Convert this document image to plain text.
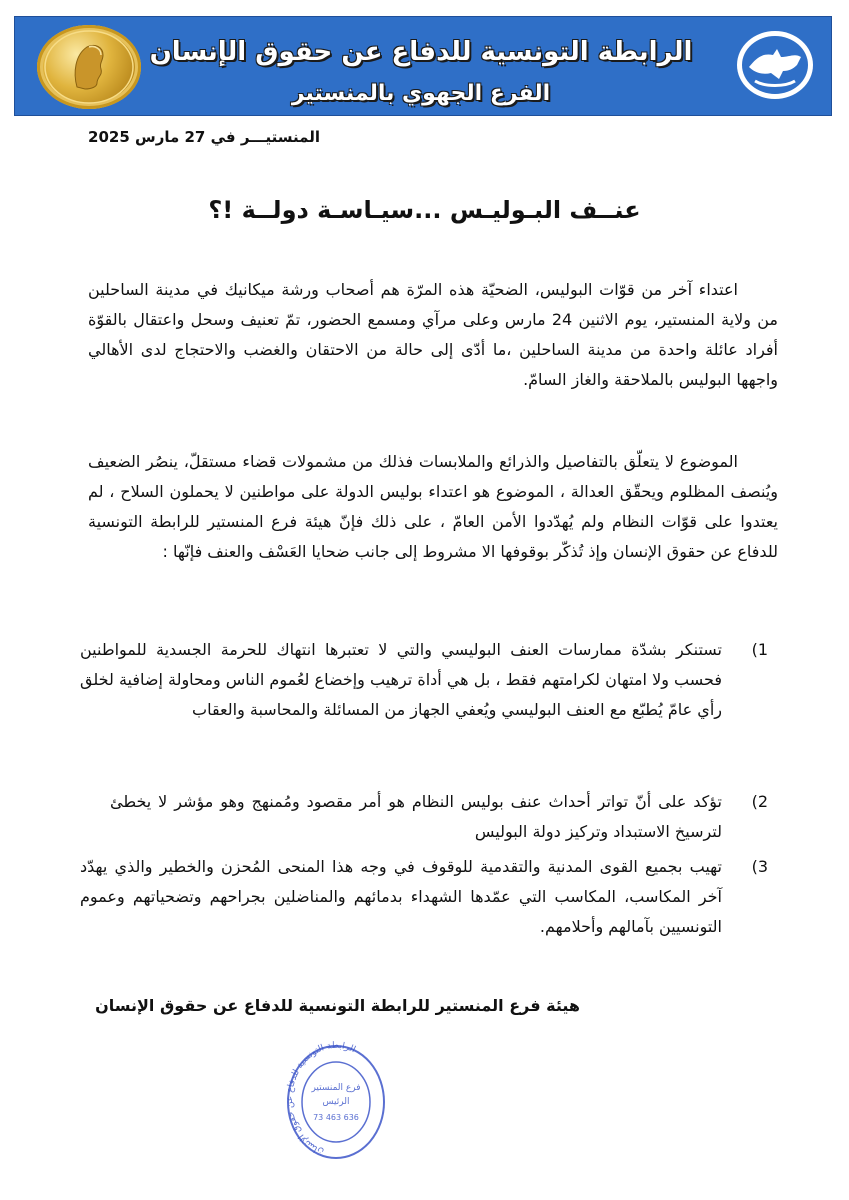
الرابطة التونسية للدفاع عن حقوق الإنسان
الفرع الجهوي بالمنستير
المنستيـــر في 27 مارس 2025
عنــف البـوليـس ...سيـاسـة دولــة !؟
اعتداء آخر من قوّات البوليس، الضحيّة هذه المرّة هم أصحاب ورشة ميكانيك في مدينة الساحلين من ولاية المنستير، يوم الاثنين 24 مارس وعلى مرآي ومسمع الحضور، تمّ تعنيف وسحل واعتقال بالقوّة أفراد عائلة واحدة من مدينة الساحلين ،ما أدّى إلى حالة من الاحتقان والغضب والاحتجاج لدى الأهالي واجهها البوليس بالملاحقة والغاز السامّ.
الموضوع لا يتعلّق بالتفاصيل والذرائع والملابسات فذلك من مشمولات قضاء مستقلّ، ينصُر الضعيف ويُنصف المظلوم ويحقّق العدالة ، الموضوع هو اعتداء بوليس الدولة على مواطنين لا يحملون السلاح ، لم يعتدوا على قوّات النظام ولم يُهدّدوا الأمن العامّ ، على ذلك فإنّ هيئة فرع المنستير للرابطة التونسية للدفاع عن حقوق الإنسان وإذ تُذكّر بوقوفها الا مشروط إلى جانب ضحايا العَسْف والعنف فإنّها :
1)
تستنكر بشدّة ممارسات العنف البوليسي والتي لا تعتبرها انتهاك للحرمة الجسدية للمواطنين فحسب ولا امتهان لكرامتهم فقط ، بل هي أداة ترهيب وإخضاع لعُموم الناس ومحاولة إضافية لخلق رأي عامّ يُطبّع مع العنف البوليسي ويُعفي الجهاز من المسائلة والمحاسبة والعقاب
2)
تؤكد على أنّ تواتر أحداث عنف بوليس النظام هو أمر مقصود ومُمنهج وهو مؤشر لا يخطئ لترسيخ الاستبداد وتركيز دولة البوليس
3)
تهيب بجميع القوى المدنية والتقدمية للوقوف في وجه هذا المنحى المُحزن والخطير والذي يهدّد آخر المكاسب، المكاسب التي عمّدها الشهداء بدمائهم والمناضلين بجراحهم وتضحياتهم وعموم التونسيين بآمالهم وأحلامهم.
هيئة فرع المنستير للرابطة التونسية للدفاع عن حقوق الإنسان
الرابطة التونسية للدفاع عن حقوق الإنسان
فرع المنستير
الرئيس
73 463 636
